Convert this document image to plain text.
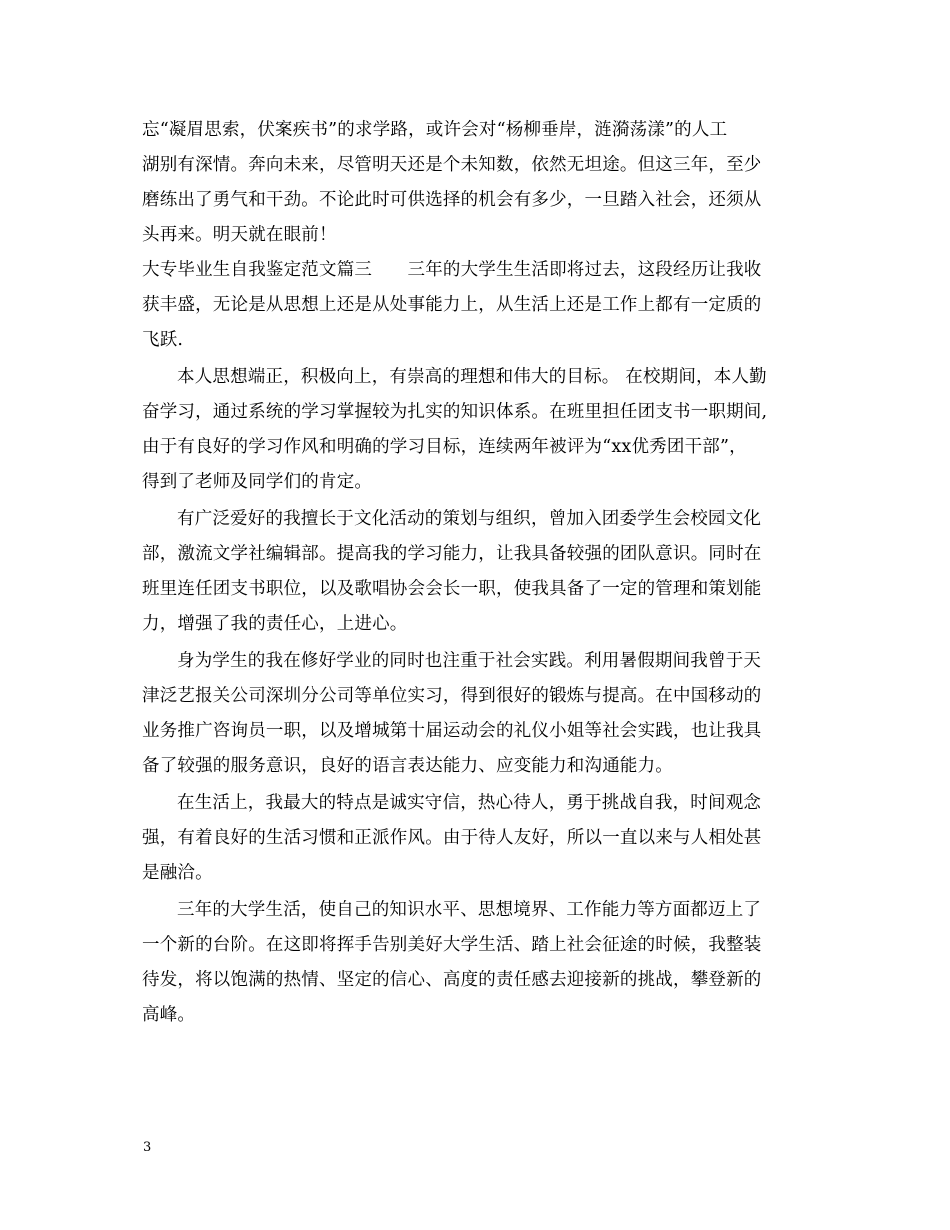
忘“凝眉思索，伏案疾书”的求学路，或许会对“杨柳垂岸，涟漪荡漾”的人工
湖别有深情。奔向未来，尽管明天还是个未知数，依然无坦途。但这三年，至少
磨练出了勇气和干劲。不论此时可供选择的机会有多少，一旦踏入社会，还须从
头再来。明天就在眼前！
大专毕业生自我鉴定范文篇三　　三年的大学生生活即将过去，这段经历让我收
获丰盛，无论是从思想上还是从处事能力上，从生活上还是工作上都有一定质的
飞跃.
本人思想端正，积极向上，有崇高的理想和伟大的目标。 在校期间，本人勤
奋学习，通过系统的学习掌握较为扎实的知识体系。在班里担任团支书一职期间,
由于有良好的学习作风和明确的学习目标，连续两年被评为“xx优秀团干部”，
得到了老师及同学们的肯定。
有广泛爱好的我擅长于文化活动的策划与组织，曾加入团委学生会校园文化
部，激流文学社编辑部。提高我的学习能力，让我具备较强的团队意识。同时在
班里连任团支书职位，以及歌唱协会会长一职，使我具备了一定的管理和策划能
力，增强了我的责任心，上进心。
身为学生的我在修好学业的同时也注重于社会实践。利用暑假期间我曾于天
津泛艺报关公司深圳分公司等单位实习，得到很好的锻炼与提高。在中国移动的
业务推广咨询员一职，以及增城第十届运动会的礼仪小姐等社会实践，也让我具
备了较强的服务意识，良好的语言表达能力、应变能力和沟通能力。
在生活上，我最大的特点是诚实守信，热心待人，勇于挑战自我，时间观念
强，有着良好的生活习惯和正派作风。由于待人友好，所以一直以来与人相处甚
是融洽。
三年的大学生活，使自己的知识水平、思想境界、工作能力等方面都迈上了
一个新的台阶。在这即将挥手告别美好大学生活、踏上社会征途的时候，我整装
待发，将以饱满的热情、坚定的信心、高度的责任感去迎接新的挑战，攀登新的
高峰。
3
